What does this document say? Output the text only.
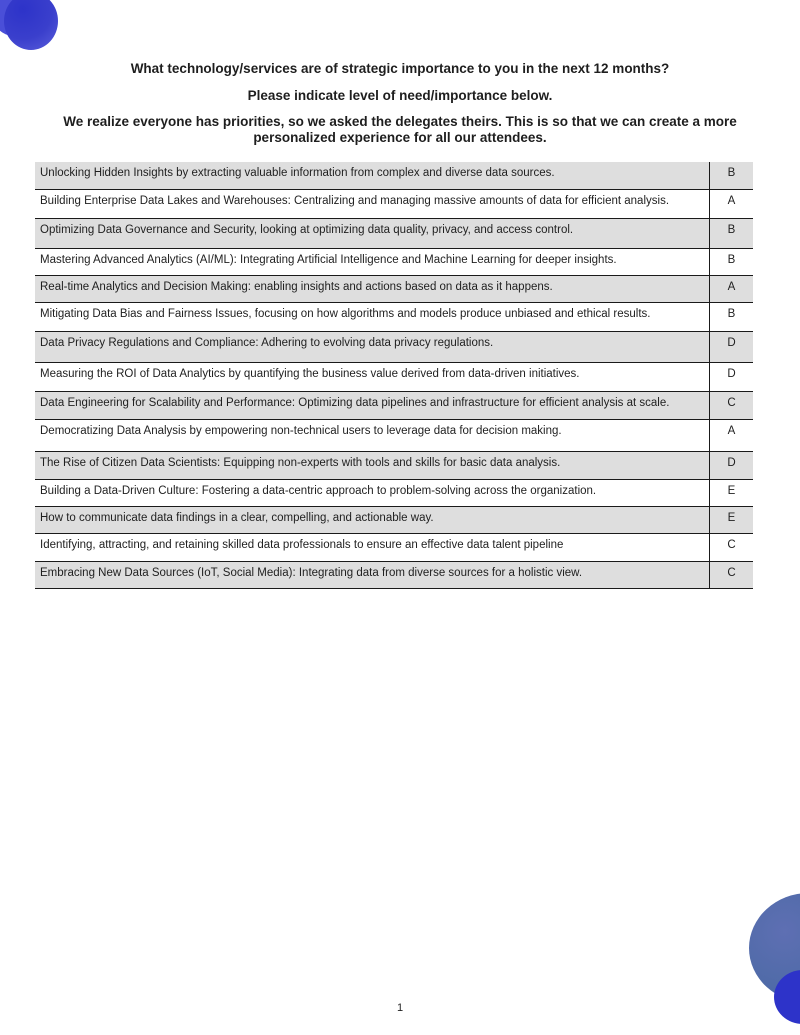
What technology/services are of strategic importance to you in the next 12 months?
Please indicate level of need/importance below.
We realize everyone has priorities, so we asked the delegates theirs. This is so that we can create a more personalized experience for all our attendees.
Unlocking Hidden Insights by extracting valuable information from complex and diverse data sources.	B
Building Enterprise Data Lakes and Warehouses: Centralizing and managing massive amounts of data for efficient analysis.	A
Optimizing Data Governance and Security, looking at optimizing data quality, privacy, and access control.	B
Mastering Advanced Analytics (AI/ML): Integrating Artificial Intelligence and Machine Learning for deeper insights.	B
Real-time Analytics and Decision Making: enabling insights and actions based on data as it happens.	A
Mitigating Data Bias and Fairness Issues, focusing on how algorithms and models produce unbiased and ethical results.	B
Data Privacy Regulations and Compliance: Adhering to evolving data privacy regulations.	D
Measuring the ROI of Data Analytics by quantifying the business value derived from data-driven initiatives.	D
Data Engineering for Scalability and Performance: Optimizing data pipelines and infrastructure for efficient analysis at scale.	C
Democratizing Data Analysis by empowering non-technical users to leverage data for decision making.	A
The Rise of Citizen Data Scientists: Equipping non-experts with tools and skills for basic data analysis.	D
Building a Data-Driven Culture: Fostering a data-centric approach to problem-solving across the organization.	E
How to communicate data findings in a clear, compelling, and actionable way.	E
Identifying, attracting, and retaining skilled data professionals to ensure an effective data talent pipeline	C
Embracing New Data Sources (IoT, Social Media): Integrating data from diverse sources for a holistic view.	C
1
